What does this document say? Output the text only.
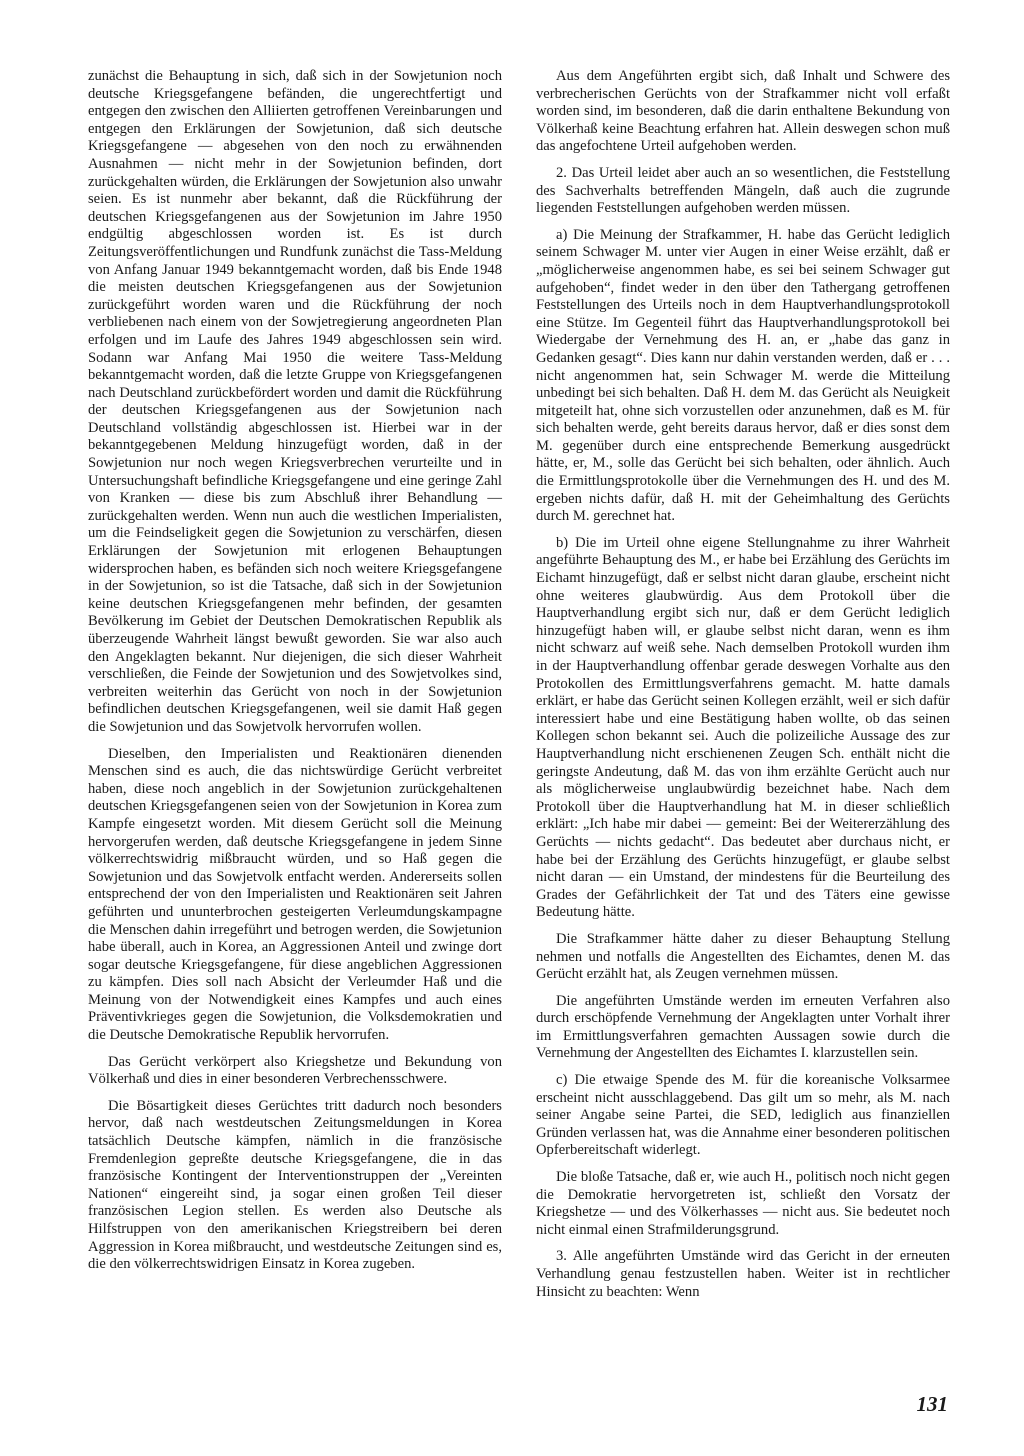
zunächst die Behauptung in sich, daß sich in der Sowjetunion noch deutsche Kriegsgefangene befänden, die ungerechtfertigt und entgegen den zwischen den Alliierten getroffenen Vereinbarungen und entgegen den Erklärungen der Sowjetunion, daß sich deutsche Kriegsgefangene — abgesehen von den noch zu erwähnenden Ausnahmen — nicht mehr in der Sowjetunion befinden, dort zurückgehalten würden, die Erklärungen der Sowjetunion also unwahr seien. Es ist nunmehr aber bekannt, daß die Rückführung der deutschen Kriegsgefangenen aus der Sowjetunion im Jahre 1950 endgültig abgeschlossen worden ist. Es ist durch Zeitungsveröffentlichungen und Rundfunk zunächst die Tass-Meldung von Anfang Januar 1949 bekanntgemacht worden, daß bis Ende 1948 die meisten deutschen Kriegsgefangenen aus der Sowjetunion zurückgeführt worden waren und die Rückführung der noch verbliebenen nach einem von der Sowjetregierung angeordneten Plan erfolgen und im Laufe des Jahres 1949 abgeschlossen sein wird. Sodann war Anfang Mai 1950 die weitere Tass-Meldung bekanntgemacht worden, daß die letzte Gruppe von Kriegsgefangenen nach Deutschland zurückbefördert worden und damit die Rückführung der deutschen Kriegsgefangenen aus der Sowjetunion nach Deutschland vollständig abgeschlossen ist. Hierbei war in der bekanntgegebenen Meldung hinzugefügt worden, daß in der Sowjetunion nur noch wegen Kriegsverbrechen verurteilte und in Untersuchungshaft befindliche Kriegsgefangene und eine geringe Zahl von Kranken — diese bis zum Abschluß ihrer Behandlung — zurückgehalten werden. Wenn nun auch die westlichen Imperialisten, um die Feindseligkeit gegen die Sowjetunion zu verschärfen, diesen Erklärungen der Sowjetunion mit erlogenen Behauptungen widersprochen haben, es befänden sich noch weitere Kriegsgefangene in der Sowjetunion, so ist die Tatsache, daß sich in der Sowjetunion keine deutschen Kriegsgefangenen mehr befinden, der gesamten Bevölkerung im Gebiet der Deutschen Demokratischen Republik als überzeugende Wahrheit längst bewußt geworden. Sie war also auch den Angeklagten bekannt. Nur diejenigen, die sich dieser Wahrheit verschließen, die Feinde der Sowjetunion und des Sowjetvolkes sind, verbreiten weiterhin das Gerücht von noch in der Sowjetunion befindlichen deutschen Kriegsgefangenen, weil sie damit Haß gegen die Sowjetunion und das Sowjetvolk hervorrufen wollen.

Dieselben, den Imperialisten und Reaktionären dienenden Menschen sind es auch, die das nichtswürdige Gerücht verbreitet haben, diese noch angeblich in der Sowjetunion zurückgehaltenen deutschen Kriegsgefangenen seien von der Sowjetunion in Korea zum Kampfe eingesetzt worden. Mit diesem Gerücht soll die Meinung hervorgerufen werden, daß deutsche Kriegsgefangene in jedem Sinne völkerrechtswidrig mißbraucht würden, und so Haß gegen die Sowjetunion und das Sowjetvolk entfacht werden. Andererseits sollen entsprechend der von den Imperialisten und Reaktionären seit Jahren geführten und ununterbrochen gesteigerten Verleumdungskampagne die Menschen dahin irregeführt und betrogen werden, die Sowjetunion habe überall, auch in Korea, an Aggressionen Anteil und zwinge dort sogar deutsche Kriegsgefangene, für diese angeblichen Aggressionen zu kämpfen. Dies soll nach Absicht der Verleumder Haß und die Meinung von der Notwendigkeit eines Kampfes und auch eines Präventivkrieges gegen die Sowjetunion, die Volksdemokratien und die Deutsche Demokratische Republik hervorrufen.

Das Gerücht verkörpert also Kriegshetze und Bekundung von Völkerhaß und dies in einer besonderen Verbrechensschwere.

Die Bösartigkeit dieses Gerüchtes tritt dadurch noch besonders hervor, daß nach westdeutschen Zeitungsmeldungen in Korea tatsächlich Deutsche kämpfen, nämlich in die französische Fremdenlegion gepreßte deutsche Kriegsgefangene, die in das französische Kontingent der Interventionstruppen der „Vereinten Nationen“ eingereiht sind, ja sogar einen großen Teil dieser französischen Legion stellen. Es werden also Deutsche als Hilfstruppen von den amerikanischen Kriegstreibern bei deren Aggression in Korea mißbraucht, und westdeutsche Zeitungen sind es, die den völkerrechtswidrigen Einsatz in Korea zugeben.

Aus dem Angeführten ergibt sich, daß Inhalt und Schwere des verbrecherischen Gerüchts von der Strafkammer nicht voll erfaßt worden sind, im besonderen, daß die darin enthaltene Bekundung von Völkerhaß keine Beachtung erfahren hat. Allein deswegen schon muß das angefochtene Urteil aufgehoben werden.

2. Das Urteil leidet aber auch an so wesentlichen, die Feststellung des Sachverhalts betreffenden Mängeln, daß auch die zugrunde liegenden Feststellungen aufgehoben werden müssen.

a) Die Meinung der Strafkammer, H. habe das Gerücht lediglich seinem Schwager M. unter vier Augen in einer Weise erzählt, daß er „möglicherweise angenommen habe, es sei bei seinem Schwager gut aufgehoben“, findet weder in den über den Tathergang getroffenen Feststellungen des Urteils noch in dem Hauptverhandlungsprotokoll eine Stütze. Im Gegenteil führt das Hauptverhandlungsprotokoll bei Wiedergabe der Vernehmung des H. an, er „habe das ganz in Gedanken gesagt“. Dies kann nur dahin verstanden werden, daß er . . . nicht angenommen hat, sein Schwager M. werde die Mitteilung unbedingt bei sich behalten. Daß H. dem M. das Gerücht als Neuigkeit mitgeteilt hat, ohne sich vorzustellen oder anzunehmen, daß es M. für sich behalten werde, geht bereits daraus hervor, daß er dies sonst dem M. gegenüber durch eine entsprechende Bemerkung ausgedrückt hätte, er, M., solle das Gerücht bei sich behalten, oder ähnlich. Auch die Ermittlungsprotokolle über die Vernehmungen des H. und des M. ergeben nichts dafür, daß H. mit der Geheimhaltung des Gerüchts durch M. gerechnet hat.

b) Die im Urteil ohne eigene Stellungnahme zu ihrer Wahrheit angeführte Behauptung des M., er habe bei Erzählung des Gerüchts im Eichamt hinzugefügt, daß er selbst nicht daran glaube, erscheint nicht ohne weiteres glaubwürdig. Aus dem Protokoll über die Hauptverhandlung ergibt sich nur, daß er dem Gerücht lediglich hinzugefügt haben will, er glaube selbst nicht daran, wenn es ihm nicht schwarz auf weiß sehe. Nach demselben Protokoll wurden ihm in der Hauptverhandlung offenbar gerade deswegen Vorhalte aus den Protokollen des Ermittlungsverfahrens gemacht. M. hatte damals erklärt, er habe das Gerücht seinen Kollegen erzählt, weil er sich dafür interessiert habe und eine Bestätigung haben wollte, ob das seinen Kollegen schon bekannt sei. Auch die polizeiliche Aussage des zur Hauptverhandlung nicht erschienenen Zeugen Sch. enthält nicht die geringste Andeutung, daß M. das von ihm erzählte Gerücht auch nur als möglicherweise unglaubwürdig bezeichnet habe. Nach dem Protokoll über die Hauptverhandlung hat M. in dieser schließlich erklärt: „Ich habe mir dabei — gemeint: Bei der Weitererzählung des Gerüchts — nichts gedacht“. Das bedeutet aber durchaus nicht, er habe bei der Erzählung des Gerüchts hinzugefügt, er glaube selbst nicht daran — ein Umstand, der mindestens für die Beurteilung des Grades der Gefährlichkeit der Tat und des Täters eine gewisse Bedeutung hätte.

Die Strafkammer hätte daher zu dieser Behauptung Stellung nehmen und notfalls die Angestellten des Eichamtes, denen M. das Gerücht erzählt hat, als Zeugen vernehmen müssen.

Die angeführten Umstände werden im erneuten Verfahren also durch erschöpfende Vernehmung der Angeklagten unter Vorhalt ihrer im Ermittlungsverfahren gemachten Aussagen sowie durch die Vernehmung der Angestellten des Eichamtes I. klarzustellen sein.

c) Die etwaige Spende des M. für die koreanische Volksarmee erscheint nicht ausschlaggebend. Das gilt um so mehr, als M. nach seiner Angabe seine Partei, die SED, lediglich aus finanziellen Gründen verlassen hat, was die Annahme einer besonderen politischen Opferbereitschaft widerlegt.

Die bloße Tatsache, daß er, wie auch H., politisch noch nicht gegen die Demokratie hervorgetreten ist, schließt den Vorsatz der Kriegshetze — und des Völkerhasses — nicht aus. Sie bedeutet noch nicht einmal einen Strafmilderungsgrund.

3. Alle angeführten Umstände wird das Gericht in der erneuten Verhandlung genau festzustellen haben. Weiter ist in rechtlicher Hinsicht zu beachten: Wenn

131
